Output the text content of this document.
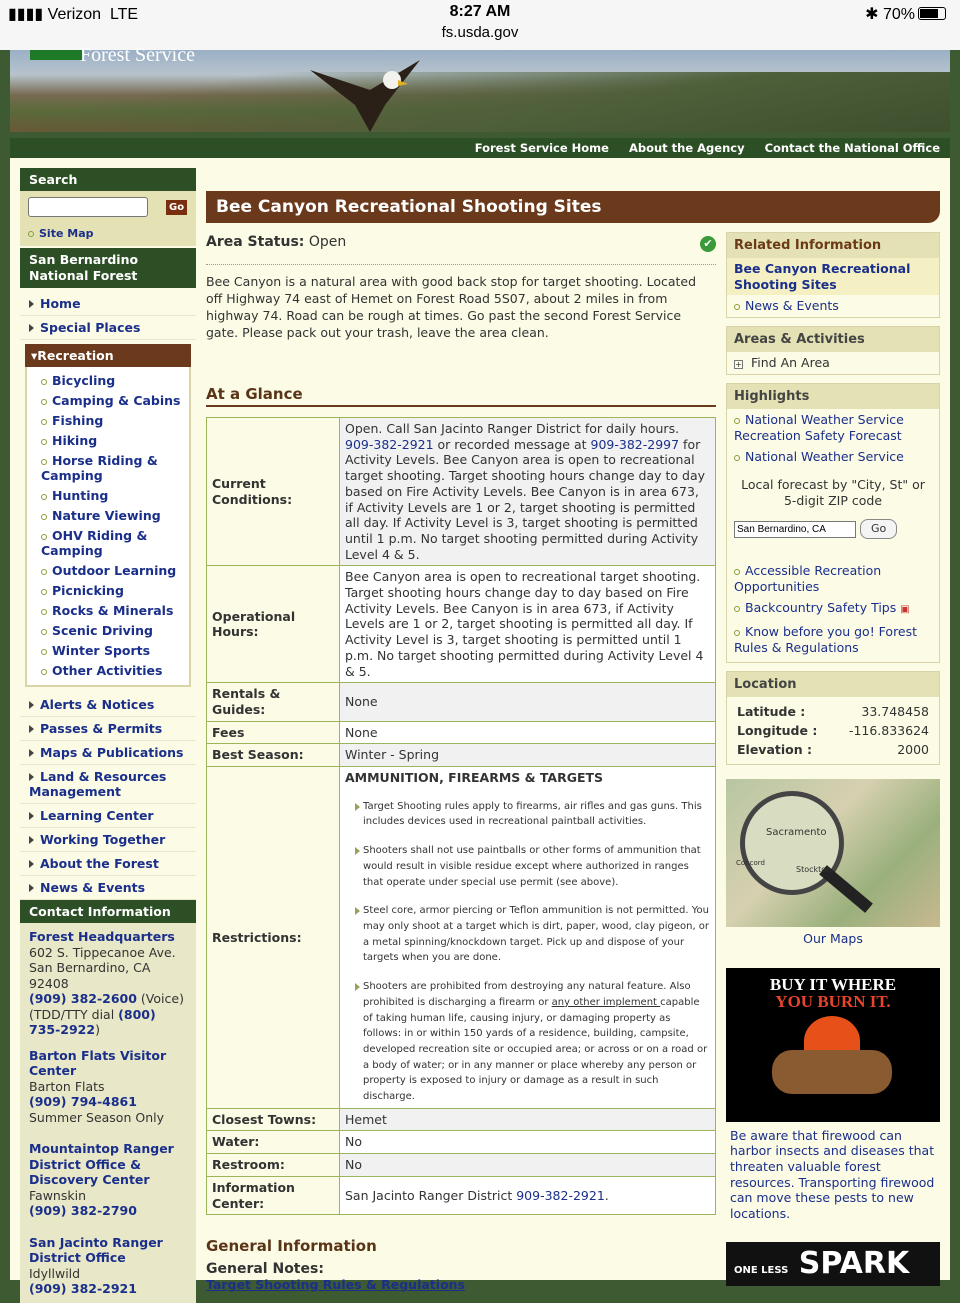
▮▮▮▮ Verizon LTE	8:27 AM
fs.usda.gov
✱ 70%
Forest Service
Forest Service Home About the Agency Contact the National Office
Search
Go
Site Map
San Bernardino National Forest
Home
Special Places
▾Recreation
Bicycling
Camping & Cabins
Fishing
Hiking
Horse Riding & Camping
Hunting
Nature Viewing
OHV Riding & Camping
Outdoor Learning
Picnicking
Rocks & Minerals
Scenic Driving
Winter Sports
Other Activities
Alerts & Notices
Passes & Permits
Maps & Publications
Land & Resources Management
Learning Center
Working Together
About the Forest
News & Events
Contact Information
Forest Headquarters
602 S. Tippecanoe Ave.
San Bernardino, CA 92408
(909) 382-2600 (Voice)
(TDD/TTY dial (800) 735-2922)
Barton Flats Visitor Center
Barton Flats
(909) 794-4861
Summer Season Only
Mountaintop Ranger District Office & Discovery Center
Fawnskin
(909) 382-2790
San Jacinto Ranger District Office
Idyllwild
(909) 382-2921
Bee Canyon Recreational Shooting Sites
Area Status: Open	✔
Bee Canyon is a natural area with good back stop for target shooting. Located off Highway 74 east of Hemet on Forest Road 5S07, about 2 miles in from highway 74. Road can be rough at times. Go past the second Forest Service gate. Please pack out your trash, leave the area clean.
At a Glance
Current Conditions:	Open. Call San Jacinto Ranger District for daily hours. 909-382-2921 or recorded message at 909-382-2997 for Activity Levels. Bee Canyon area is open to recreational target shooting. Target shooting hours change day to day based on Fire Activity Levels. Bee Canyon is in area 673, if Activity Levels are 1 or 2, target shooting is permitted all day. If Activity Level is 3, target shooting is permitted until 1 p.m. No target shooting permitted during Activity Level 4 & 5.
Operational Hours:	Bee Canyon area is open to recreational target shooting. Target shooting hours change day to day based on Fire Activity Levels. Bee Canyon is in area 673, if Activity Levels are 1 or 2, target shooting is permitted all day. If Activity Level is 3, target shooting is permitted until 1 p.m. No target shooting permitted during Activity Level 4 & 5.
Rentals & Guides:	None
Fees	None
Best Season:	Winter - Spring
Restrictions:	AMMUNITION, FIREARMS & TARGETS
Target Shooting rules apply to firearms, air rifles and gas guns. This includes devices used in recreational paintball activities.
Shooters shall not use paintballs or other forms of ammunition that would result in visible residue except where authorized in ranges that operate under special use permit (see above).
Steel core, armor piercing or Teflon ammunition is not permitted. You may only shoot at a target which is dirt, paper, wood, clay pigeon, or a metal spinning/knockdown target. Pick up and dispose of your targets when you are done.
Shooters are prohibited from destroying any natural feature. Also prohibited is discharging a firearm or any other implement capable of taking human life, causing injury, or damaging property as follows: in or within 150 yards of a residence, building, campsite, developed recreation site or occupied area; or across or on a road or a body of water; or in any manner or place whereby any person or property is exposed to injury or damage as a result in such discharge.

Closest Towns:	Hemet
Water:	No
Restroom:	No
Information Center:	San Jacinto Ranger District 909-382-2921.
General Information
General Notes:
Target Shooting Rules & Regulations
Related Information
Bee Canyon Recreational Shooting Sites
News & Events
Areas & Activities
+ Find An Area
Highlights
National Weather Service Recreation Safety Forecast
National Weather Service
Local forecast by "City, St" or 5-digit ZIP code
San Bernardino, CA Go
Accessible Recreation Opportunities
Backcountry Safety Tips ▣
Know before you go! Forest Rules & Regulations
Location
Latitude :	33.748458
Longitude :	-116.833624
Elevation :	2000
Sacramento
Stockton
Concord
Our Maps
BUY IT WHERE
YOU BURN IT.
Be aware that firewood can harbor insects and diseases that threaten valuable forest resources. Transporting firewood can move these pests to new locations.
ONE LESS SPARK
